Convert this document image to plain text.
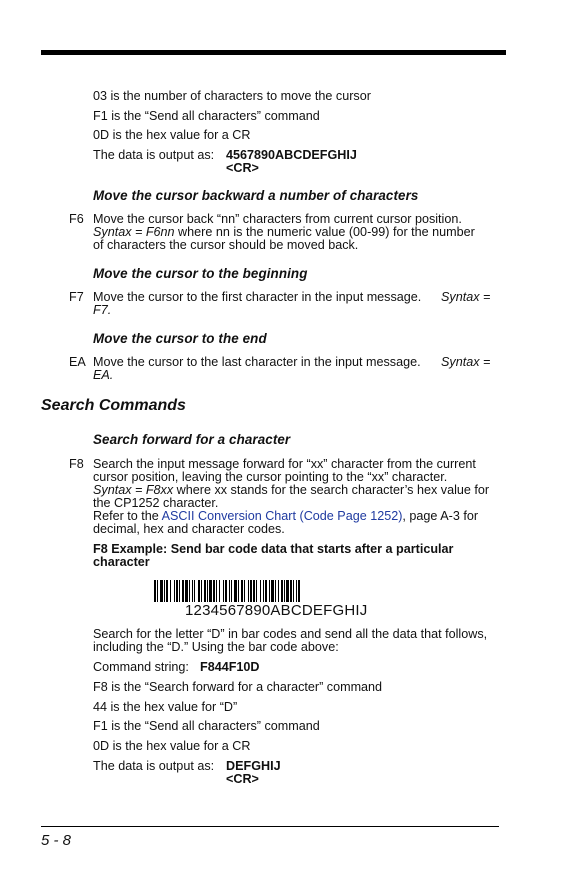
03 is the number of characters to move the cursor

F1 is the “Send all characters” command

0D is the hex value for a CR

The data is output as: 4567890ABCDEFGHIJ

<CR>

Move the cursor backward a number of characters

F6 Move the cursor back “nn” characters from current cursor position.

Syntax = F6nn where nn is the numeric value (00-99) for the number

of characters the cursor should be moved back.

Move the cursor to the beginning

F7 Move the cursor to the first character in the input message. Syntax =
F7.

Move the cursor to the end

EA Move the cursor to the last character in the input message. Syntax =
EA.

Search Commands

Search forward for a character

F8 Search the input message forward for “xx” character from the current

cursor position, leaving the cursor pointing to the “xx” character.

Syntax = F8xx where xx stands for the search character’s hex value for

the CP1252 character.

Refer to the ASCII Conversion Chart (Code Page 1252), page A-3 for

decimal, hex and character codes.

F8 Example: Send bar code data that starts after a particular

character

1234567890ABCDEFGHIJ

Search for the letter “D” in bar codes and send all the data that follows,

including the “D.” Using the bar code above:

Command string: F844F10D

F8 is the “Search forward for a character” command

44 is the hex value for “D”

F1 is the “Send all characters” command

0D is the hex value for a CR

The data is output as: DEFGHIJ

<CR>

5 - 8
